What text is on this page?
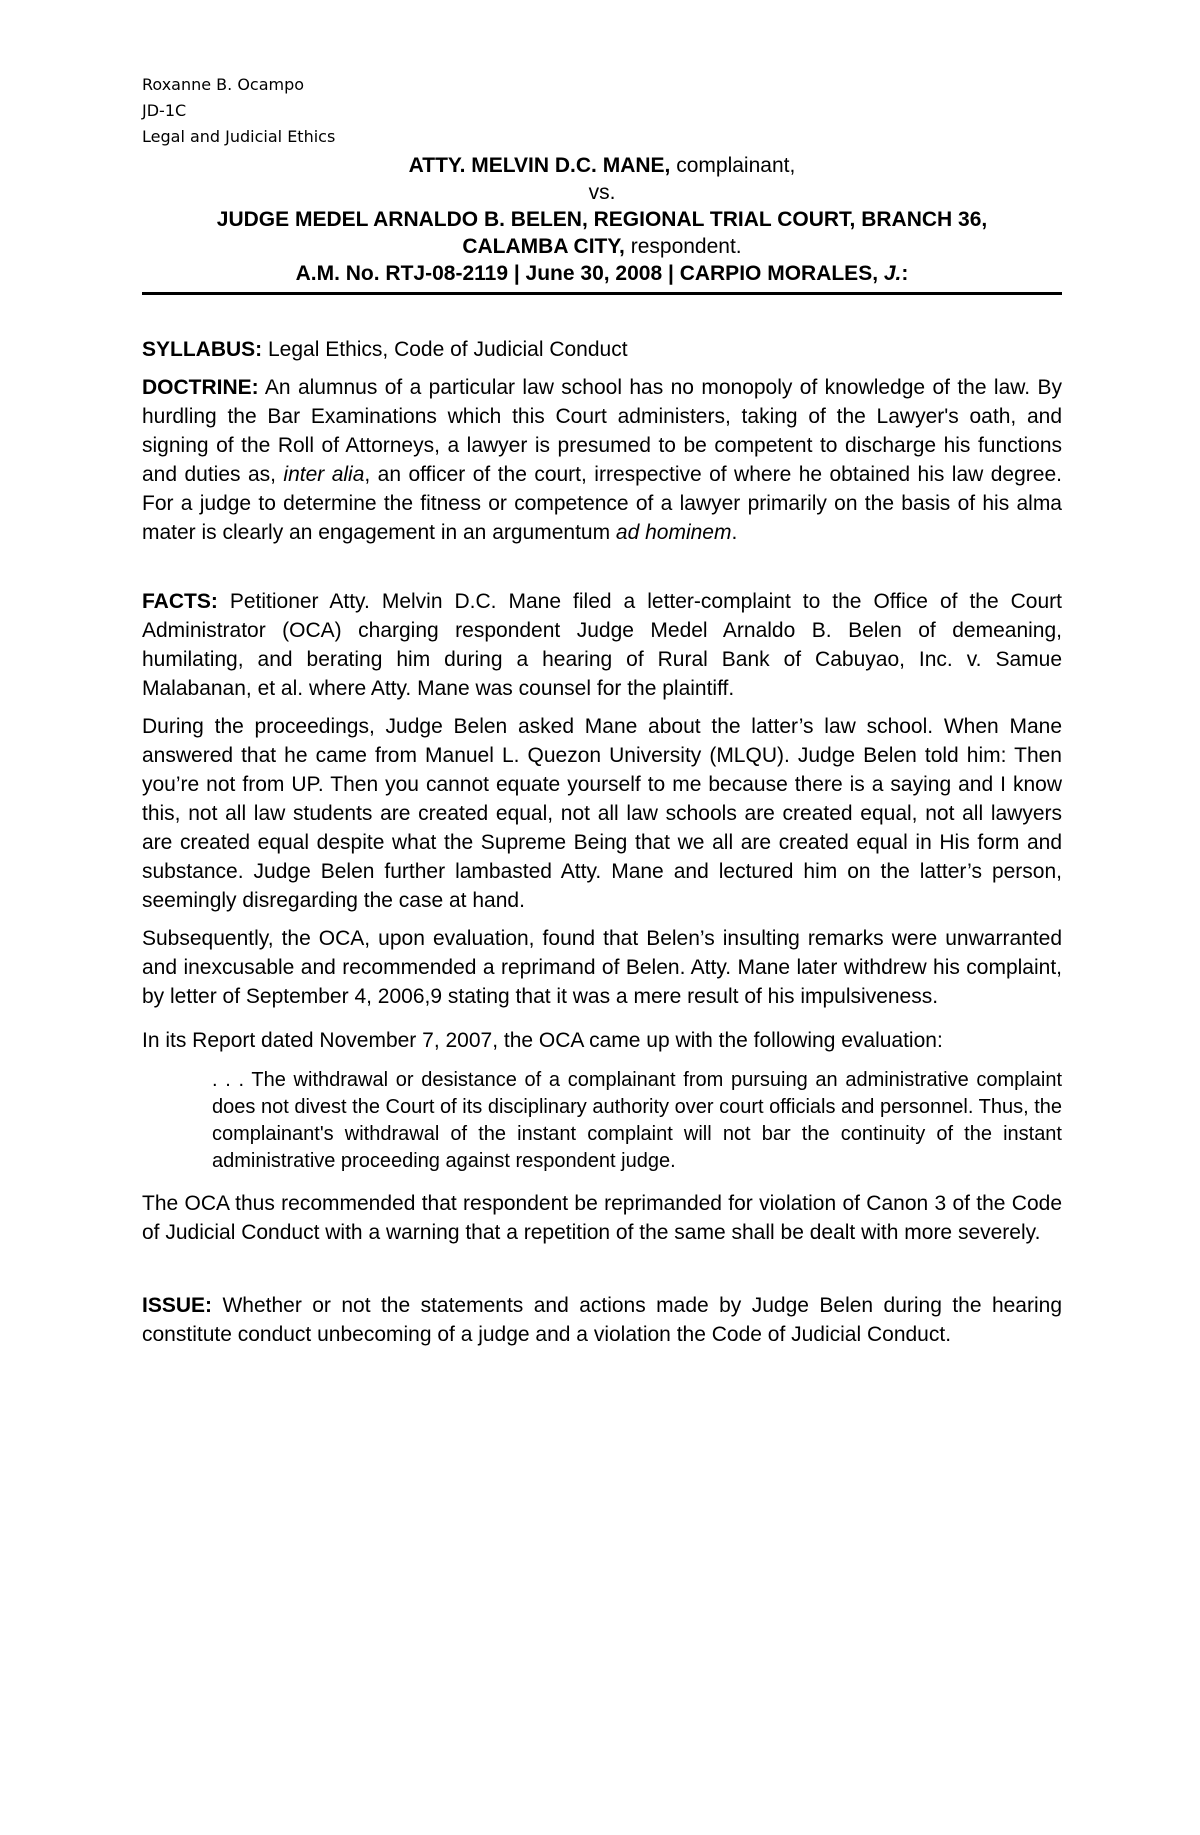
Roxanne B. Ocampo
JD-1C
Legal and Judicial Ethics
ATTY. MELVIN D.C. MANE, complainant,
vs.
JUDGE MEDEL ARNALDO B. BELEN, REGIONAL TRIAL COURT, BRANCH 36,
CALAMBA CITY, respondent.
A.M. No. RTJ-08-2119 | June 30, 2008 | CARPIO MORALES, J.:

SYLLABUS: Legal Ethics, Code of Judicial Conduct

DOCTRINE: An alumnus of a particular law school has no monopoly of knowledge of the law. By hurdling the Bar Examinations which this Court administers, taking of the Lawyer's oath, and signing of the Roll of Attorneys, a lawyer is presumed to be competent to discharge his functions and duties as, inter alia, an officer of the court, irrespective of where he obtained his law degree. For a judge to determine the fitness or competence of a lawyer primarily on the basis of his alma mater is clearly an engagement in an argumentum ad hominem.

FACTS: Petitioner Atty. Melvin D.C. Mane filed a letter-complaint to the Office of the Court Administrator (OCA) charging respondent Judge Medel Arnaldo B. Belen of demeaning, humilating, and berating him during a hearing of Rural Bank of Cabuyao, Inc. v. Samue Malabanan, et al. where Atty. Mane was counsel for the plaintiff.

During the proceedings, Judge Belen asked Mane about the latter’s law school. When Mane answered that he came from Manuel L. Quezon University (MLQU). Judge Belen told him: Then you’re not from UP. Then you cannot equate yourself to me because there is a saying and I know this, not all law students are created equal, not all law schools are created equal, not all lawyers are created equal despite what the Supreme Being that we all are created equal in His form and substance. Judge Belen further lambasted Atty. Mane and lectured him on the latter’s person, seemingly disregarding the case at hand.

Subsequently, the OCA, upon evaluation, found that Belen’s insulting remarks were unwarranted and inexcusable and recommended a reprimand of Belen. Atty. Mane later withdrew his complaint, by letter of September 4, 2006,9 stating that it was a mere result of his impulsiveness.

In its Report dated November 7, 2007, the OCA came up with the following evaluation:

. . . The withdrawal or desistance of a complainant from pursuing an administrative complaint does not divest the Court of its disciplinary authority over court officials and personnel. Thus, the complainant's withdrawal of the instant complaint will not bar the continuity of the instant administrative proceeding against respondent judge.

The OCA thus recommended that respondent be reprimanded for violation of Canon 3 of the Code of Judicial Conduct with a warning that a repetition of the same shall be dealt with more severely.

ISSUE: Whether or not the statements and actions made by Judge Belen during the hearing constitute conduct unbecoming of a judge and a violation the Code of Judicial Conduct.
